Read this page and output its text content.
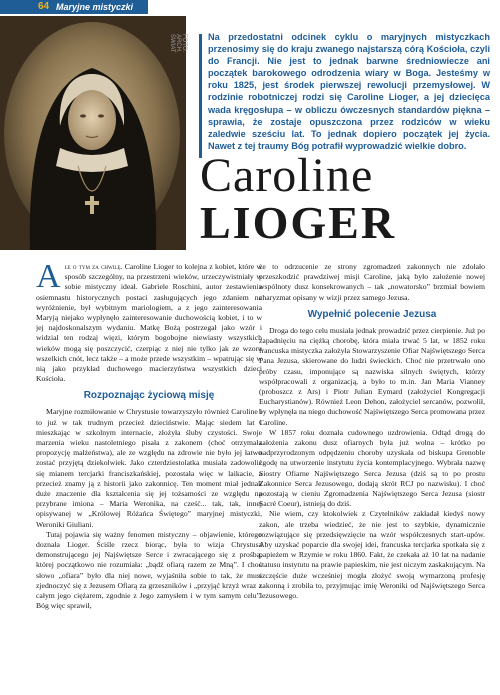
64 Maryjne mistyczki
FOTO: ARCH. ŚWIAT	Na przedostatni odcinek cyklu o maryjnych mistyczkach przenosimy się do kraju zwanego najstarszą córą Kościoła, czyli do Francji. Nie jest to jednak barwne średniowiecze ani początek barokowego odrodzenia wiary w Boga. Jesteśmy w roku 1825, jest środek pierwszej rewolucji przemysłowej. W rodzinie robotniczej rodzi się Caroline Lioger, a jej dziecięca wada kręgosłupa – w obliczu ówczesnych standardów piękna – sprawia, że zostaje opuszczona przez rodziców w wieku zaledwie sześciu lat. To jednak dopiero początek jej życia. Nawet z tej traumy Bóg potrafił wyprowadzić wielkie dobro.

Caroline
LIOGER

Ale o tym za chwilę. Caroline Lioger to kolejna z kobiet, które w sposób szczególny, na przestrzeni wieków, urzeczywistniały w sobie mistyczny ideał. Gabriele Roschini, autor zestawienia osiemnastu historycznych postaci zasługujących jego zdaniem na wyróżnienie, był wybitnym mariologiem, a z jego zainteresowania Maryją niejako wypłynęło zainteresowanie duchowością kobiet, i to w jej najdoskonalszym wydaniu. Matkę Bożą postrzegał jako wzór i widział ten rodzaj więzi, którym bogobojne niewiasty wszystkich wieków mogą się poszczycić, czerpiąc z niej nie tylko jak ze wzoru wszelkich cnót, lecz także – a może przede wszystkim – wpatrując się w nią jako przykład duchowego macierzyństwa wszystkich dzieci Kościoła.

Rozpoznając życiową misję

Maryjne rozmiłowanie w Chrystusie towarzyszyło również Caroline i to już w tak trudnym przecież dzieciństwie. Mając siedem lat i mieszkając w szkolnym internacie, złożyła śluby czystości. Swoje marzenia wieku nastoletniego pisała z zakonem (choć otrzymała propozycję małżeństwa), ale ze względu na zdrowie nie było jej łatwo zostać przyjętą dziekolwiek. Jako czterdziestolatka musiała zadowolić się mianem tercjarki franciszkańskiej, pozostała więc w laikacie, a przecież znamy ją z historii jako zakonnicę. Ten moment miał jednak duże znaczenie dla kształcenia się jej tożsamości ze względu na przybrane imiona – Maria Weronika, na cześć... tak, tak, innej opisywanej w „Królowej Różańca Świętego” maryjnej mistyczki, Weroniki Giuliani.

Tutaj pojawia się ważny fenomen mistyczny – objawienie, którego doznała Lioger. Ściśle rzecz biorąc, była to wizja Chrystusa demonstrującego jej Najświętsze Serce i zwracającego się z prośbą, której początkowo nie rozumiała: „bądź ofiarą razem ze Mną”. I choć słowo „ofiara” było dla niej nowe, wyjaśniła sobie to tak, że musi zjednoczyć się z Jezusem Ofiarą za grzeszników i „przyjąć krzyż wraz z całym jego ciężarem, zgodnie z Jego zamysłem i w tym samym celu”. Bóg więc sprawił,

że to odrzucenie ze strony zgromadzeń zakonnych nie zdołało przeszkodzić prawdziwej misji Caroline, jaką było założenie nowej wspólnoty dusz konsekrowanych – tak „nowatorsko” brzmiał bowiem charyzmat opisany w wizji przez samego Jezusa.

Wypełnić polecenie Jezusa

Droga do tego celu musiała jednak prowadzić przez cierpienie. Już po zapadnięciu na ciężką chorobę, która miała trwać 5 lat, w 1852 roku francuska mistyczka założyła Stowarzyszenie Ofiar Najświętszego Serca Pana Jezusa, skierowane do ludzi świeckich. Choć nie przetrwało ono próby czasu, imponujące są nazwiska silnych świętych, którzy współpracowali z organizacją, a było to m.in. Jan Maria Vianney (proboszcz z Ars) i Piotr Julian Eymard (założyciel Kongregacji Eucharystianów). Również Leon Dehon, założyciel sercanów, pozwolił, by wpłynęła na niego duchowość Najświętszego Serca promowana przez Caroline.

W 1857 roku doznała cudownego uzdrowienia. Odtąd drogą do założenia zakonu dusz ofiarnych była już wolna – krótko po nadprzyrodzonym odpędzeniu choroby uzyskała od biskupa Grenoble zgodę na utworzenie instytutu życia kontemplacyjnego. Wybrała nazwę Siostry Ofiarne Najświętszego Serca Jezusa (dziś są to po prostu Zakonnice Serca Jezusowego, dodają skrót RCJ po nazwisku). I choć pozostają w cieniu Zgromadzenia Najświętszego Serca Jezusa (siostr Sacré Coeur), istnieją do dziś.

Nie wiem, czy ktokolwiek z Czytelników zakładał kiedyś nowy zakon, ale trzeba wiedzieć, że nie jest to szybkie, dynamicznie rozwiązujące się przedsięwzięcie na wzór współczesnych start-upów. Aby uzyskać poparcie dla swojej idei, francuska tercjarka spotkała się z papieżem w Rzymie w roku 1860. Fakt, że czekała aż 10 lat na nadanie statusu instytutu na prawie papieskim, nie jest niczym zaskakującym. Na szczęście duże wcześniej mogła złożyć swoją wymarzoną profesję zakonną i zrobiła to, przyjmując imię Weroniki od Najświętszego Serca Jezusowego.
